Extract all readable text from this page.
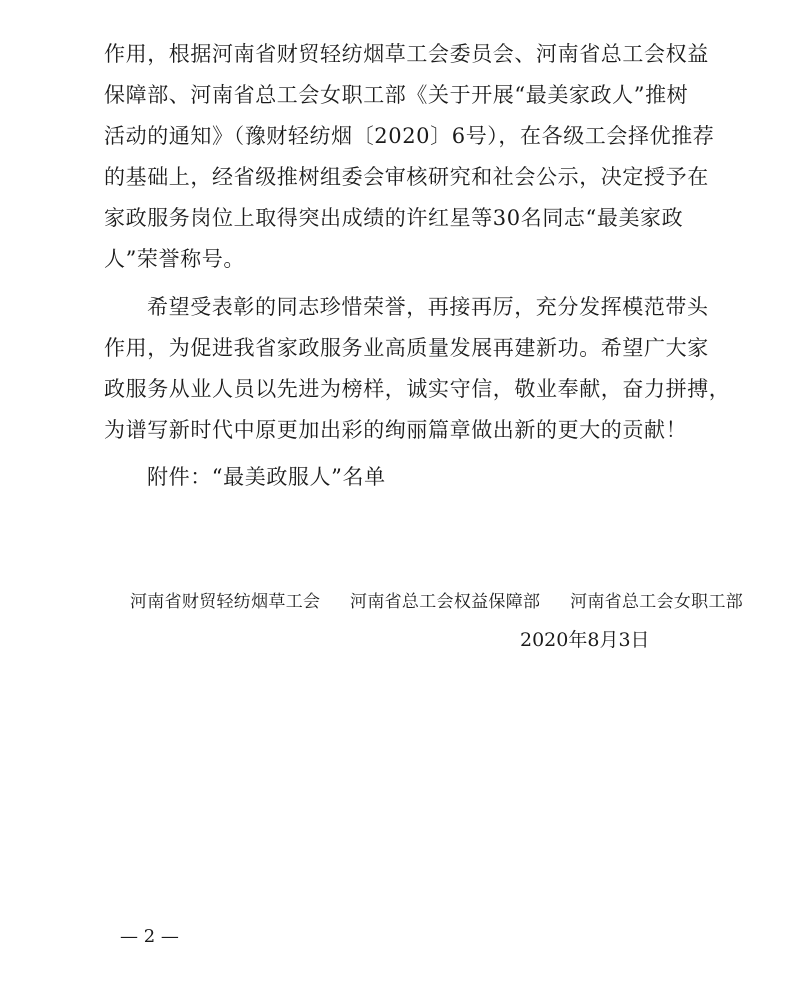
作用，根据河南省财贸轻纺烟草工会委员会、河南省总工会权益
保障部、河南省总工会女职工部《关于开展“最美家政人”推树
活动的通知》（豫财轻纺烟〔2020〕6号），在各级工会择优推荐
的基础上，经省级推树组委会审核研究和社会公示，决定授予在
家政服务岗位上取得突出成绩的许红星等30名同志“最美家政
人”荣誉称号。
希望受表彰的同志珍惜荣誉，再接再厉，充分发挥模范带头
作用，为促进我省家政服务业高质量发展再建新功。希望广大家
政服务从业人员以先进为榜样，诚实守信，敬业奉献，奋力拼搏，
为谱写新时代中原更加出彩的绚丽篇章做出新的更大的贡献！
附件：“最美政服人”名单
河南省财贸轻纺烟草工会 河南省总工会权益保障部 河南省总工会女职工部
2020年8月3日
— 2 —
